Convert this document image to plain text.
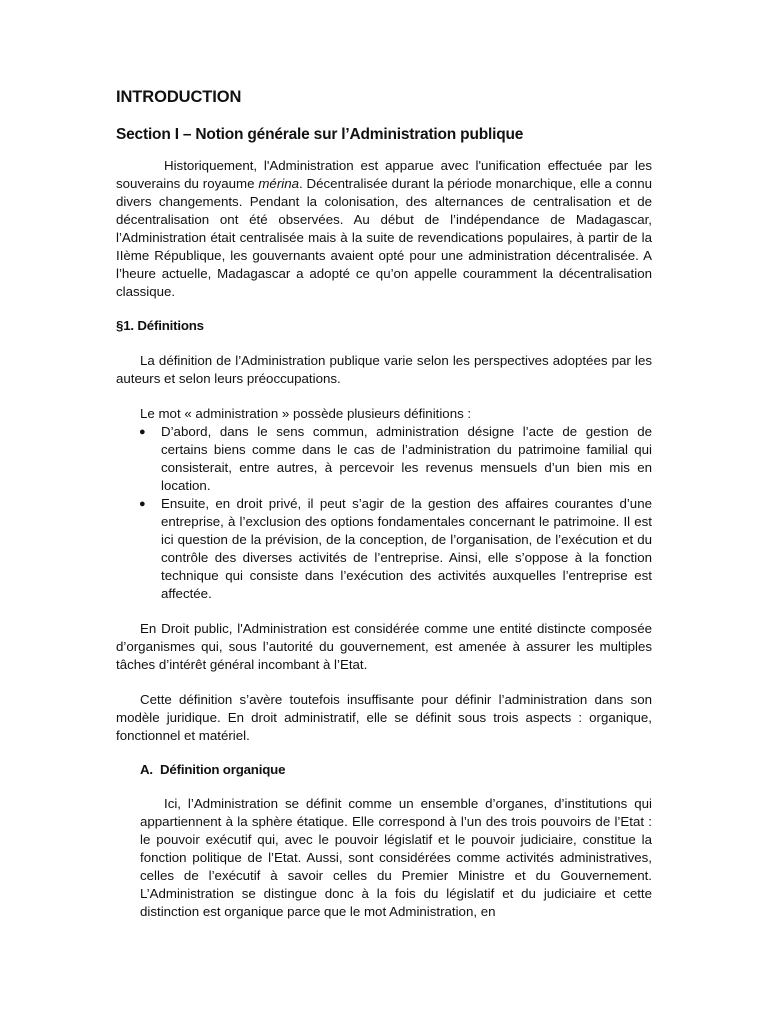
INTRODUCTION
Section I – Notion générale sur l’Administration publique

Historiquement, l'Administration est apparue avec l'unification effectuée par les souverains du royaume mérina. Décentralisée durant la période monarchique, elle a connu divers changements. Pendant la colonisation, des alternances de centralisation et de décentralisation ont été observées. Au début de l’indépendance de Madagascar, l’Administration était centralisée mais à la suite de revendications populaires, à partir de la IIème République, les gouvernants avaient opté pour une administration décentralisée. A l’heure actuelle, Madagascar a adopté ce qu’on appelle couramment la décentralisation classique.

§1. Définitions

La définition de l’Administration publique varie selon les perspectives adoptées par les auteurs et selon leurs préoccupations.

Le mot « administration » possède plusieurs définitions :

● D’abord, dans le sens commun, administration désigne l’acte de gestion de certains biens comme dans le cas de l’administration du patrimoine familial qui consisterait, entre autres, à percevoir les revenus mensuels d’un bien mis en location.
● Ensuite, en droit privé, il peut s’agir de la gestion des affaires courantes d’une entreprise, à l’exclusion des options fondamentales concernant le patrimoine. Il est ici question de la prévision, de la conception, de l’organisation, de l’exécution et du contrôle des diverses activités de l’entreprise. Ainsi, elle s’oppose à la fonction technique qui consiste dans l’exécution des activités auxquelles l’entreprise est affectée.

En Droit public, l'Administration est considérée comme une entité distincte composée d’organismes qui, sous l’autorité du gouvernement, est amenée à assurer les multiples tâches d’intérêt général incombant à l’Etat.

Cette définition s’avère toutefois insuffisante pour définir l’administration dans son modèle juridique. En droit administratif, elle se définit sous trois aspects : organique, fonctionnel et matériel.

A. Définition organique

Ici, l’Administration se définit comme un ensemble d’organes, d’institutions qui appartiennent à la sphère étatique. Elle correspond à l’un des trois pouvoirs de l’Etat : le pouvoir exécutif qui, avec le pouvoir législatif et le pouvoir judiciaire, constitue la fonction politique de l’Etat. Aussi, sont considérées comme activités administratives, celles de l’exécutif à savoir celles du Premier Ministre et du Gouvernement. L’Administration se distingue donc à la fois du législatif et du judiciaire et cette distinction est organique parce que le mot Administration, en
